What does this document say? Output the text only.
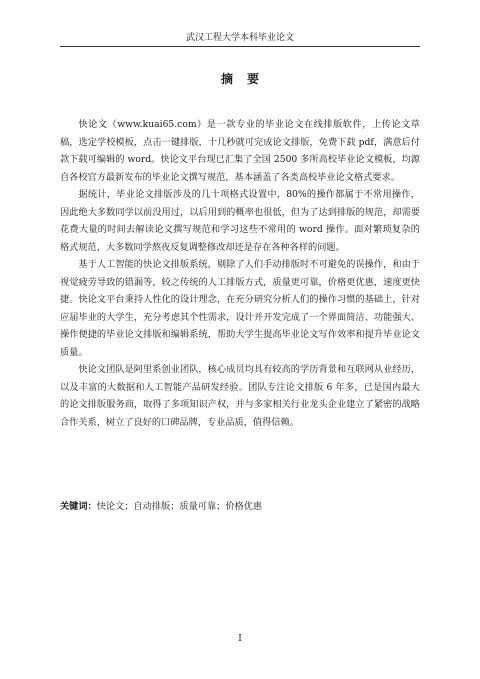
武汉工程大学本科毕业论文
摘要

快论文（www.kuai65.com）是一款专业的毕业论文在线排版软件，上传论文草稿，选定学校模板，点击一键排版，十几秒就可完成论文排版，免费下载 pdf，满意后付款下载可编辑的 word。快论文平台现已汇集了全国 2500 多所高校毕业论文模板，均源自各校官方最新发布的毕业论文撰写规范，基本涵盖了各类高校毕业论文格式要求。

据统计，毕业论文排版涉及的几十项格式设置中，80%的操作都属于不常用操作，因此绝大多数同学以前没用过，以后用到的概率也很低，但为了达到排版的规范，却需要花费大量的时间去解读论文撰写规范和学习这些不常用的 word 操作。面对繁琐复杂的格式规范，大多数同学熬夜反复调整修改却还是存在各种各样的问题。

基于人工智能的快论文排版系统，剔除了人们手动排版时不可避免的误操作，和由于视觉疲劳导致的错漏等，较之传统的人工排版方式，质量更可靠，价格更优惠，速度更快捷。快论文平台秉持人性化的设计理念，在充分研究分析人们的操作习惯的基础上，针对应届毕业的大学生，充分考虑其个性需求，设计并开发完成了一个界面简洁、功能强大、操作便捷的毕业论文排版和编辑系统，帮助大学生提高毕业论文写作效率和提升毕业论文质量。

快论文团队是阿里系创业团队，核心成员均具有较高的学历背景和互联网从业经历，以及丰富的大数据和人工智能产品研发经验。团队专注论文排版 6 年多，已是国内最大的论文排版服务商，取得了多项知识产权，并与多家相关行业龙头企业建立了紧密的战略合作关系，树立了良好的口碑品牌，专业品质，值得信赖。

关键词：快论文；自动排版；质量可靠；价格优惠
I
